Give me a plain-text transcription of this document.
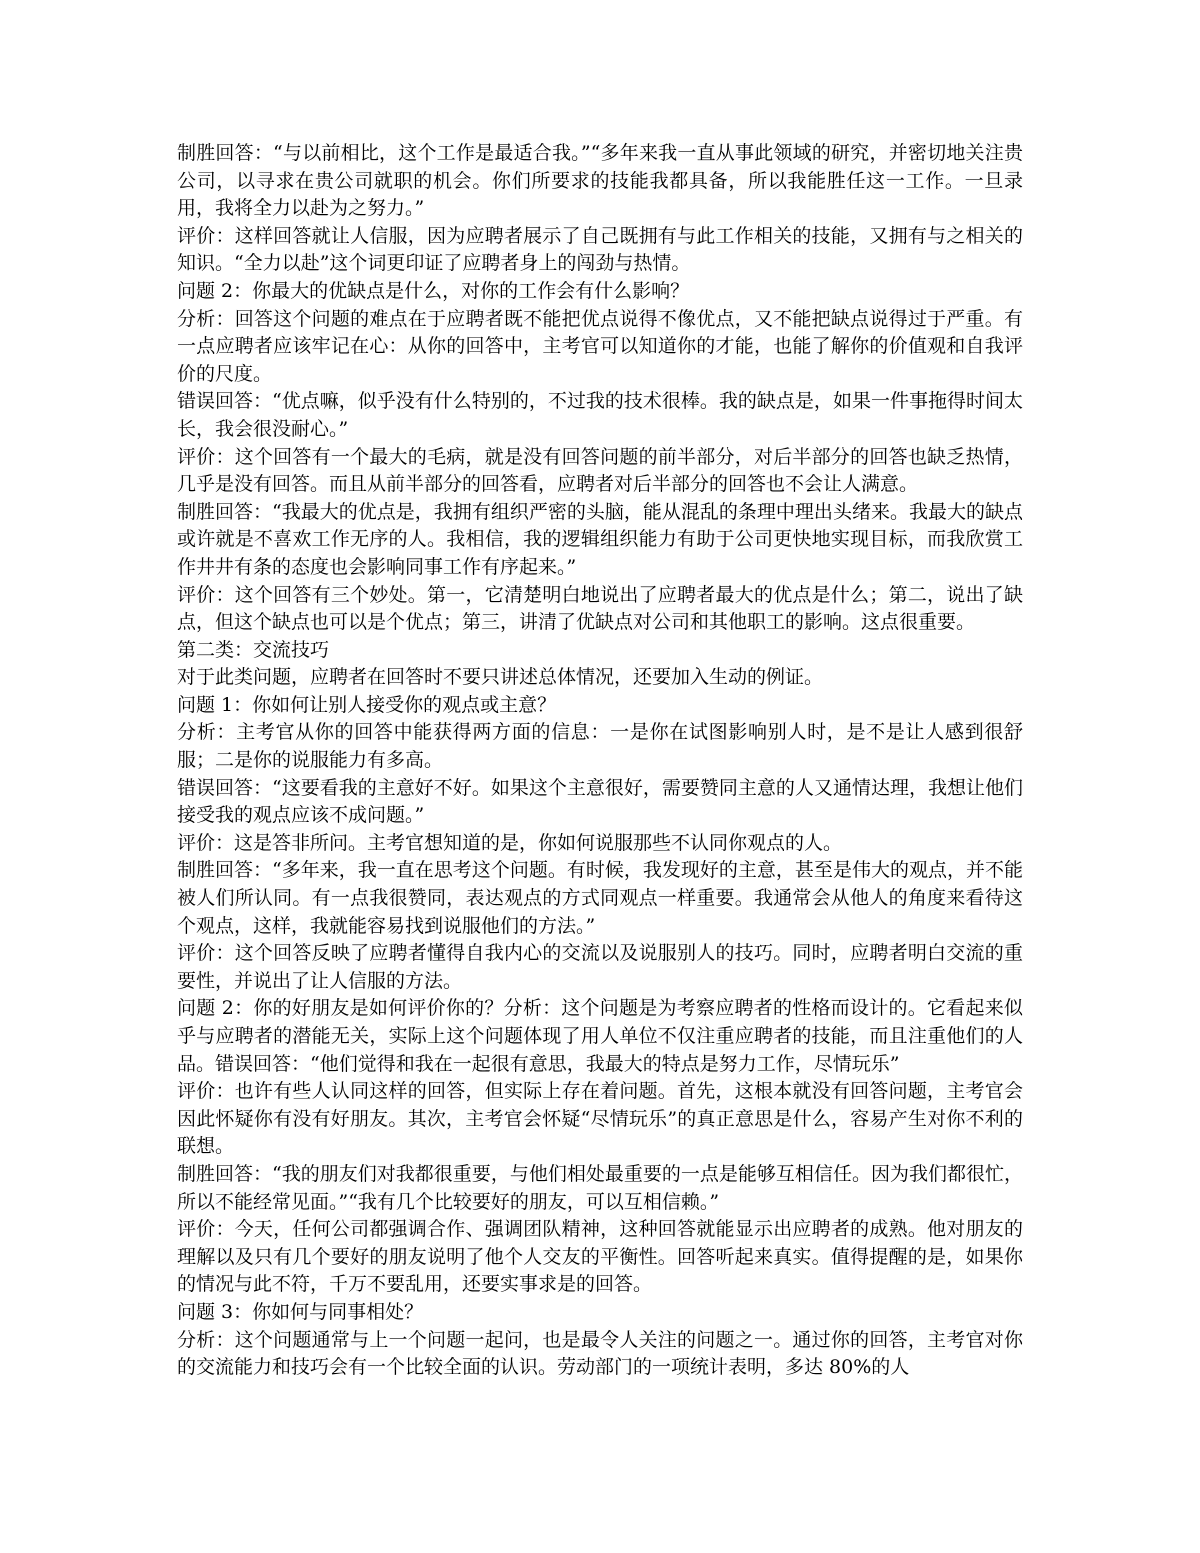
制胜回答：“与以前相比，这个工作是最适合我。”“多年来我一直从事此领域的研究，并密切地关注贵公司，以寻求在贵公司就职的机会。你们所要求的技能我都具备，所以我能胜任这一工作。一旦录用，我将全力以赴为之努力。”

评价：这样回答就让人信服，因为应聘者展示了自己既拥有与此工作相关的技能，又拥有与之相关的知识。“全力以赴”这个词更印证了应聘者身上的闯劲与热情。

问题 2：你最大的优缺点是什么，对你的工作会有什么影响？

分析：回答这个问题的难点在于应聘者既不能把优点说得不像优点，又不能把缺点说得过于严重。有一点应聘者应该牢记在心：从你的回答中，主考官可以知道你的才能，也能了解你的价值观和自我评价的尺度。

错误回答：“优点嘛，似乎没有什么特别的，不过我的技术很棒。我的缺点是，如果一件事拖得时间太长，我会很没耐心。”

评价：这个回答有一个最大的毛病，就是没有回答问题的前半部分，对后半部分的回答也缺乏热情，几乎是没有回答。而且从前半部分的回答看，应聘者对后半部分的回答也不会让人满意。

制胜回答：“我最大的优点是，我拥有组织严密的头脑，能从混乱的条理中理出头绪来。我最大的缺点或许就是不喜欢工作无序的人。我相信，我的逻辑组织能力有助于公司更快地实现目标，而我欣赏工作井井有条的态度也会影响同事工作有序起来。”

评价：这个回答有三个妙处。第一，它清楚明白地说出了应聘者最大的优点是什么；第二，说出了缺点，但这个缺点也可以是个优点；第三，讲清了优缺点对公司和其他职工的影响。这点很重要。

第二类：交流技巧

对于此类问题，应聘者在回答时不要只讲述总体情况，还要加入生动的例证。

问题 1：你如何让别人接受你的观点或主意？

分析：主考官从你的回答中能获得两方面的信息：一是你在试图影响别人时，是不是让人感到很舒服；二是你的说服能力有多高。

错误回答：“这要看我的主意好不好。如果这个主意很好，需要赞同主意的人又通情达理，我想让他们接受我的观点应该不成问题。”

评价：这是答非所问。主考官想知道的是，你如何说服那些不认同你观点的人。

制胜回答：“多年来，我一直在思考这个问题。有时候，我发现好的主意，甚至是伟大的观点，并不能被人们所认同。有一点我很赞同，表达观点的方式同观点一样重要。我通常会从他人的角度来看待这个观点，这样，我就能容易找到说服他们的方法。”

评价：这个回答反映了应聘者懂得自我内心的交流以及说服别人的技巧。同时，应聘者明白交流的重要性，并说出了让人信服的方法。

问题 2：你的好朋友是如何评价你的？分析：这个问题是为考察应聘者的性格而设计的。它看起来似乎与应聘者的潜能无关，实际上这个问题体现了用人单位不仅注重应聘者的技能，而且注重他们的人品。错误回答：“他们觉得和我在一起很有意思，我最大的特点是努力工作，尽情玩乐”

评价：也许有些人认同这样的回答，但实际上存在着问题。首先，这根本就没有回答问题，主考官会因此怀疑你有没有好朋友。其次，主考官会怀疑“尽情玩乐”的真正意思是什么，容易产生对你不利的联想。

制胜回答：“我的朋友们对我都很重要，与他们相处最重要的一点是能够互相信任。因为我们都很忙，所以不能经常见面。”“我有几个比较要好的朋友，可以互相信赖。”

评价：今天，任何公司都强调合作、强调团队精神，这种回答就能显示出应聘者的成熟。他对朋友的理解以及只有几个要好的朋友说明了他个人交友的平衡性。回答听起来真实。值得提醒的是，如果你的情况与此不符，千万不要乱用，还要实事求是的回答。

问题 3：你如何与同事相处？

分析：这个问题通常与上一个问题一起问，也是最令人关注的问题之一。通过你的回答，主考官对你的交流能力和技巧会有一个比较全面的认识。劳动部门的一项统计表明，多达 80%的人
